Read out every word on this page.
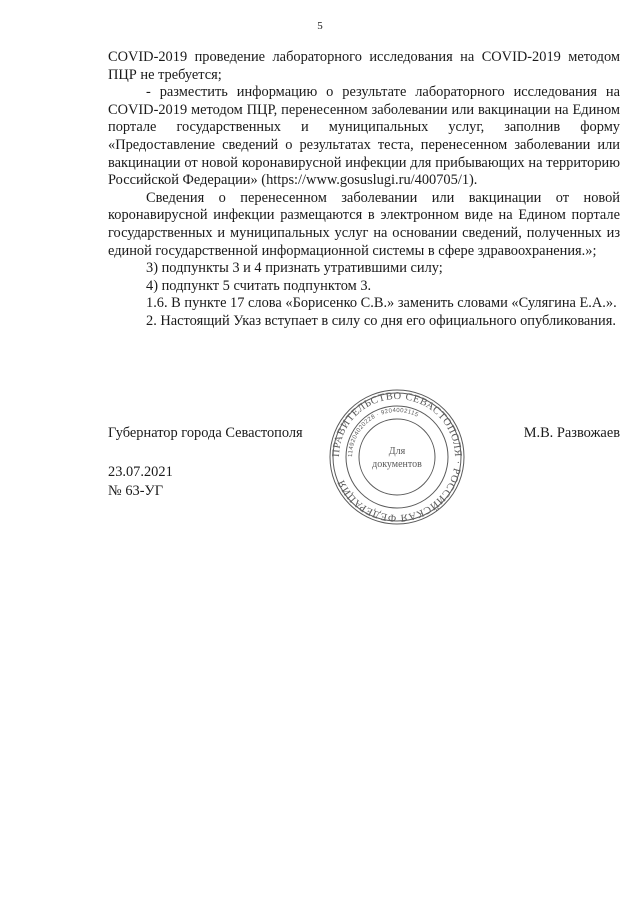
5

COVID-2019 проведение лабораторного исследования на COVID-2019 методом ПЦР не требуется;

- разместить информацию о результате лабораторного исследования на COVID-2019 методом ПЦР, перенесенном заболевании или вакцинации на Едином портале государственных и муниципальных услуг, заполнив форму «Предоставление сведений о результатах теста, перенесенном заболевании или вакцинации от новой коронавирусной инфекции для прибывающих на территорию Российской Федерации» (https://www.gosuslugi.ru/400705/1).

Сведения о перенесенном заболевании или вакцинации от новой коронавирусной инфекции размещаются в электронном виде на Едином портале государственных и муниципальных услуг на основании сведений, полученных из единой государственной информационной системы в сфере здравоохранения.»;

3) подпункты 3 и 4 признать утратившими силу;

4) подпункт 5 считать подпунктом 3.

1.6. В пункте 17 слова «Борисенко С.В.» заменить словами «Сулягина Е.А.».

2. Настоящий Указ вступает в силу со дня его официального опубликования.

Губернатор города Севастополя	М.В. Развожаев
23.07.2021
№ 63-УГ
ПРАВИТЕЛЬСТВО СЕВАСТОПОЛЯ · РОССИЙСКАЯ ФЕДЕРАЦИЯ
1149204020228 · 9204002115
Для
документов
